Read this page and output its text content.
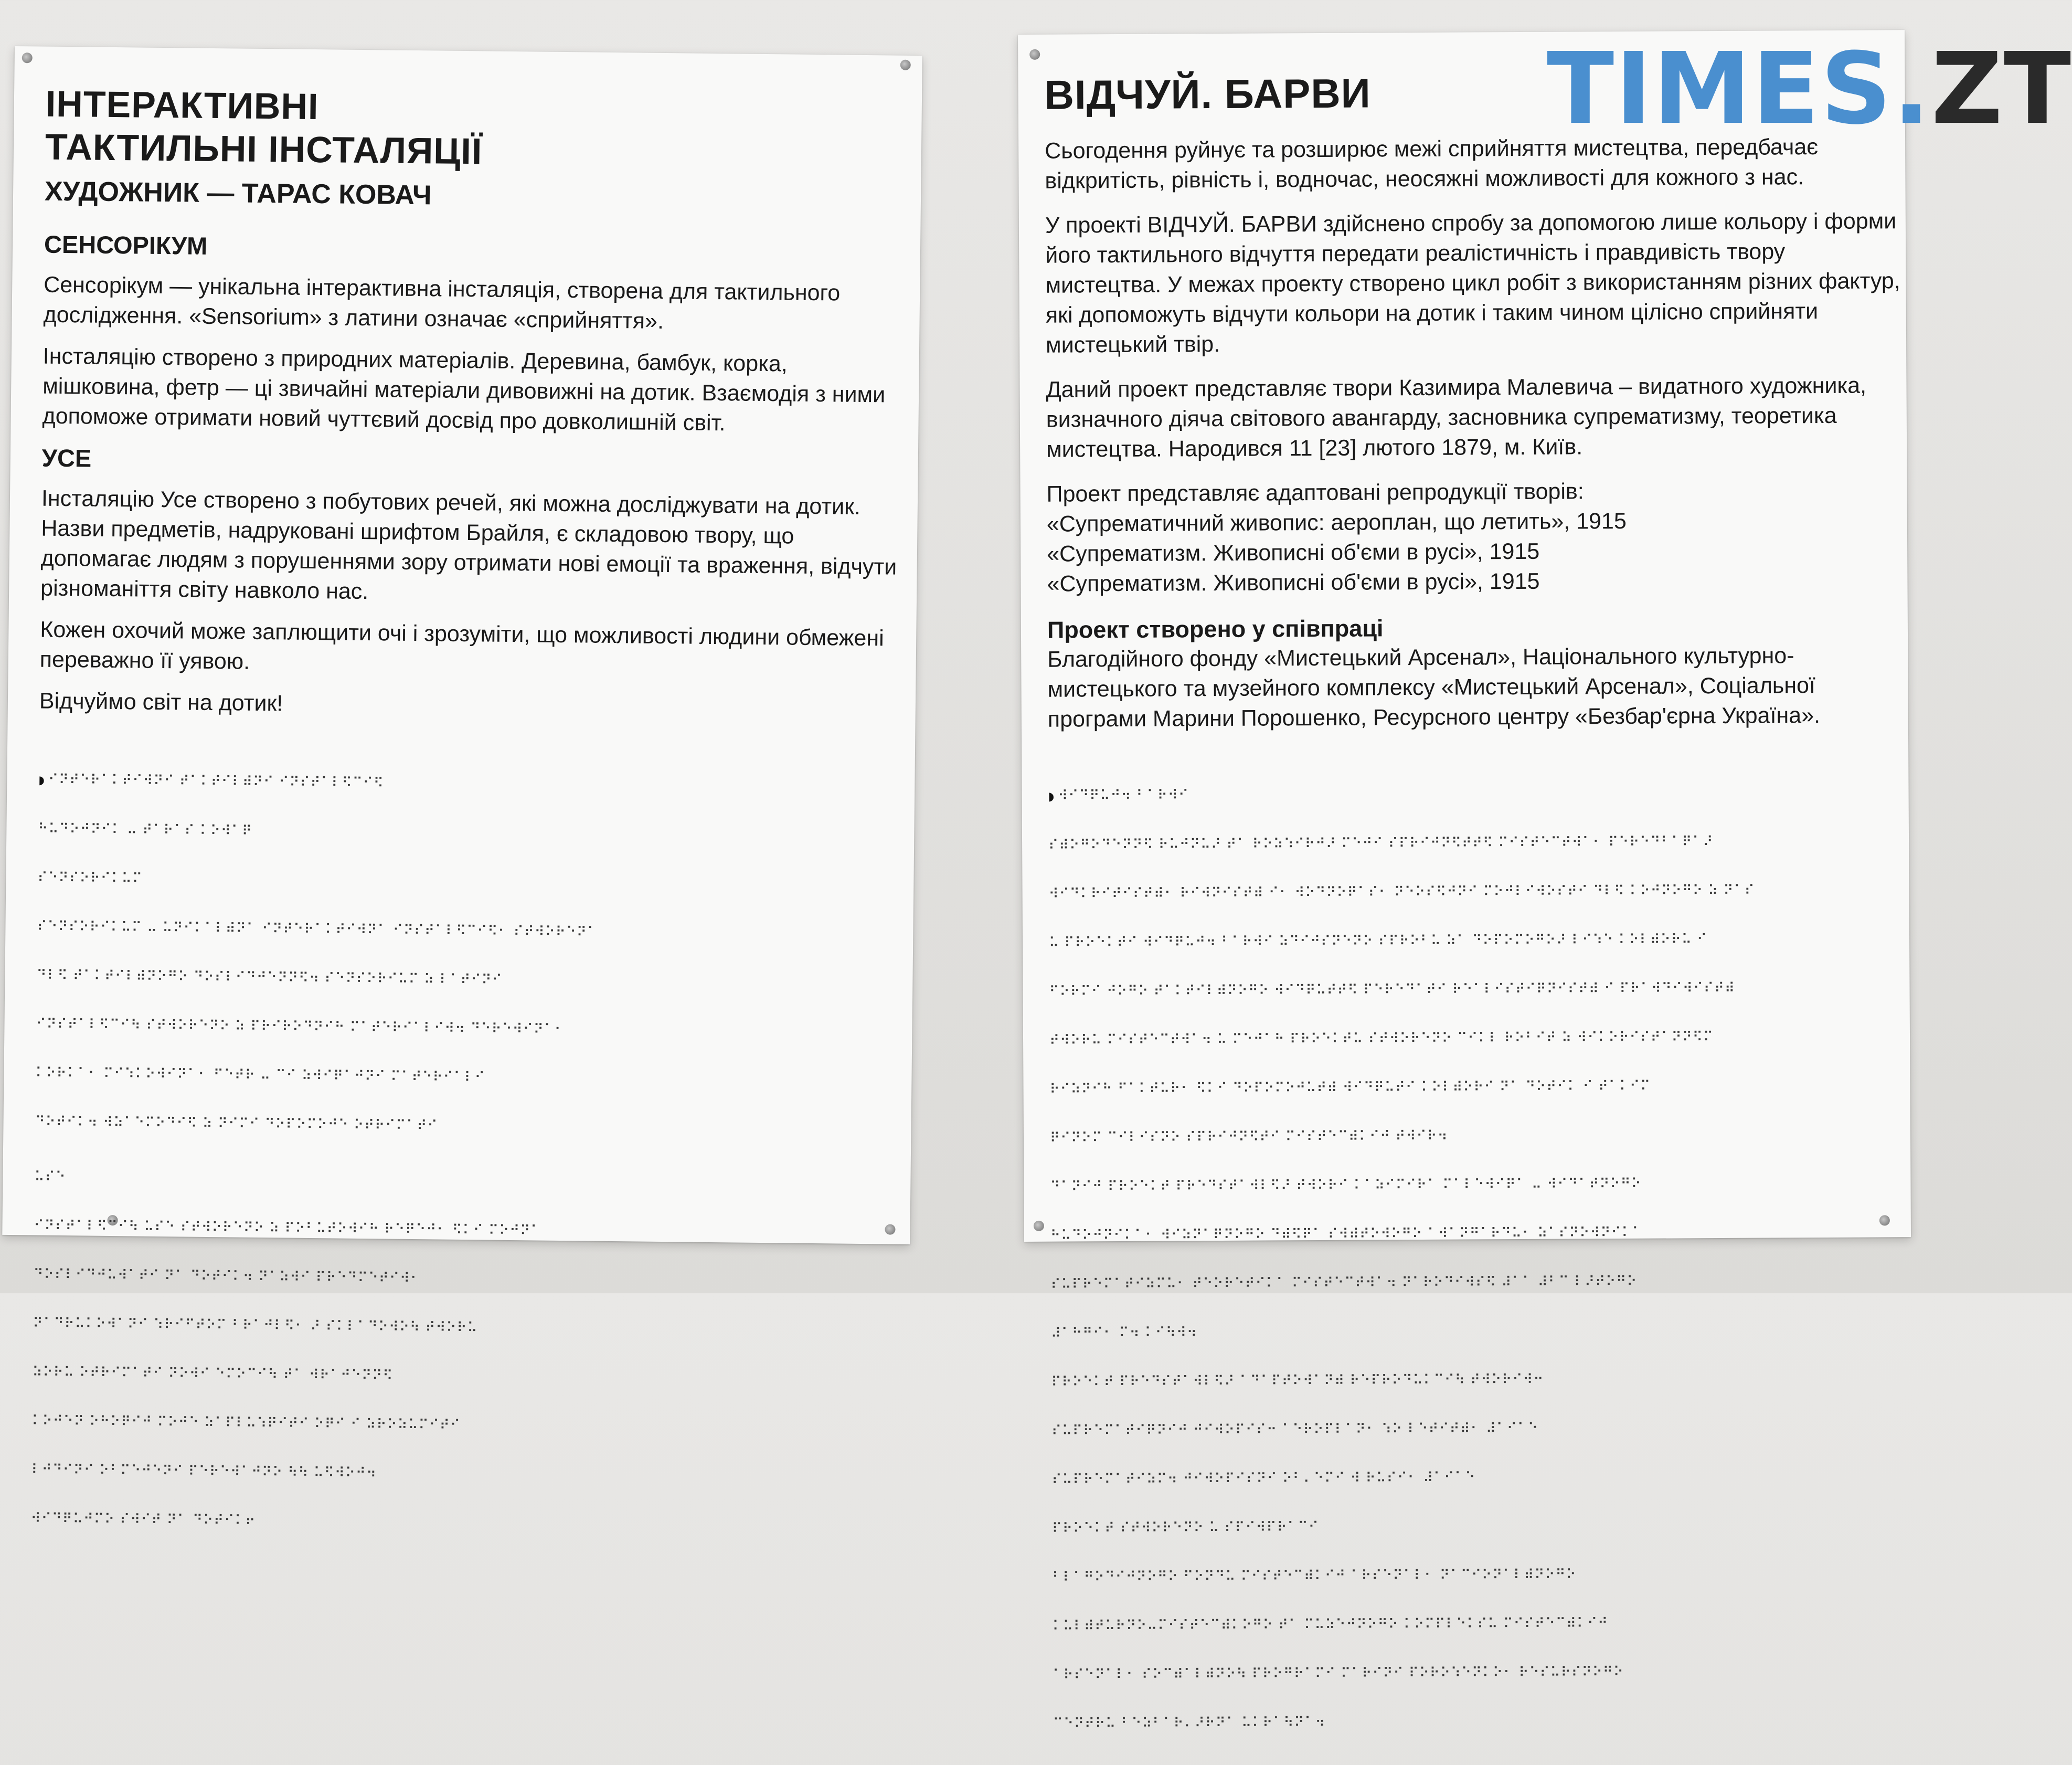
ІНТЕРАКТИВНІ
ТАКТИЛЬНІ ІНСТАЛЯЦІЇ
ХУДОЖНИК — ТАРАС КОВАЧ
СЕНСОРІКУМ

Сенсорікум — унікальна інтерактивна інсталяція, створена для тактильного дослідження. «Sensorium» з латини означає «сприйняття».

Інсталяцію створено з природних матеріалів. Деревина, бамбук, корка, мішковина, фетр — ці звичайні матеріали дивовижні на дотик. Взаємодія з ними допоможе отримати новий чуттєвий досвід про довколишній світ.

УСЕ

Інсталяцію Усе створено з побутових речей, які можна досліджувати на дотик. Назви предметів, надруковані шрифтом Брайля, є складовою твору, що допомагає людям з порушеннями зору отримати нові емоції та враження, відчути різноманіття світу навколо нас.

Кожен охочий може заплющити очі і зрозуміти, що можливості людини обмежені переважно її уявою.

Відчуймо світ на дотик!

◗ ⠊⠝⠞⠑⠗⠁⠅⠞⠊⠺⠝⠊ ⠞⠁⠅⠞⠊⠇⠾⠝⠊ ⠊⠝⠎⠞⠁⠇⠫⠉⠊⠫

⠓⠥⠙⠕⠚⠝⠊⠅ ⠤ ⠞⠁⠗⠁⠎ ⠅⠕⠺⠁⠟

⠎⠑⠝⠎⠕⠗⠊⠅⠥⠍

⠎⠑⠝⠎⠕⠗⠊⠅⠥⠍ ⠤ ⠥⠝⠊⠅⠁⠇⠾⠝⠁ ⠊⠝⠞⠑⠗⠁⠅⠞⠊⠺⠝⠁ ⠊⠝⠎⠞⠁⠇⠫⠉⠊⠫⠂ ⠎⠞⠺⠕⠗⠑⠝⠁

⠙⠇⠫ ⠞⠁⠅⠞⠊⠇⠾⠝⠕⠛⠕ ⠙⠕⠎⠇⠊⠙⠚⠑⠝⠝⠫⠲ ⠎⠑⠝⠎⠕⠗⠊⠥⠍ ⠵ ⠇⠁⠞⠊⠝⠊

⠊⠝⠎⠞⠁⠇⠫⠉⠊⠳ ⠎⠞⠺⠕⠗⠑⠝⠕ ⠵ ⠏⠗⠊⠗⠕⠙⠝⠊⠓ ⠍⠁⠞⠑⠗⠊⠁⠇⠊⠺⠲ ⠙⠑⠗⠑⠺⠊⠝⠁⠂

⠅⠕⠗⠅⠁⠂ ⠍⠊⠱⠅⠕⠺⠊⠝⠁⠂ ⠋⠑⠞⠗ ⠤ ⠉⠊ ⠵⠺⠊⠟⠁⠚⠝⠊ ⠍⠁⠞⠑⠗⠊⠁⠇⠊

⠙⠕⠞⠊⠅⠲ ⠺⠵⠁⠑⠍⠕⠙⠊⠫ ⠵ ⠝⠊⠍⠊ ⠙⠕⠏⠕⠍⠕⠚⠑ ⠕⠞⠗⠊⠍⠁⠞⠊

⠥⠎⠑

⠊⠝⠎⠞⠁⠇⠫⠉⠊⠳ ⠥⠎⠑ ⠎⠞⠺⠕⠗⠑⠝⠕ ⠵ ⠏⠕⠃⠥⠞⠕⠺⠊⠓ ⠗⠑⠟⠑⠚⠂ ⠫⠅⠊ ⠍⠕⠚⠝⠁

⠙⠕⠎⠇⠊⠙⠚⠥⠺⠁⠞⠊ ⠝⠁ ⠙⠕⠞⠊⠅⠲ ⠝⠁⠵⠺⠊ ⠏⠗⠑⠙⠍⠑⠞⠊⠺⠂

⠝⠁⠙⠗⠥⠅⠕⠺⠁⠝⠊ ⠱⠗⠊⠋⠞⠕⠍ ⠃⠗⠁⠚⠇⠫⠂ ⠜ ⠎⠅⠇⠁⠙⠕⠺⠕⠳ ⠞⠺⠕⠗⠥

⠵⠕⠗⠥ ⠕⠞⠗⠊⠍⠁⠞⠊ ⠝⠕⠺⠊ ⠑⠍⠕⠉⠊⠳ ⠞⠁ ⠺⠗⠁⠚⠑⠝⠝⠫

⠅⠕⠚⠑⠝ ⠕⠓⠕⠟⠊⠚ ⠍⠕⠚⠑ ⠵⠁⠏⠇⠥⠱⠟⠊⠞⠊ ⠕⠟⠊ ⠊ ⠵⠗⠕⠵⠥⠍⠊⠞⠊

⠇⠚⠙⠊⠝⠊ ⠕⠃⠍⠑⠚⠑⠝⠊ ⠏⠑⠗⠑⠺⠁⠚⠝⠕ ⠳⠳ ⠥⠫⠺⠕⠚⠲

⠺⠊⠙⠟⠥⠚⠍⠕ ⠎⠺⠊⠞ ⠝⠁ ⠙⠕⠞⠊⠅⠖

ВІДЧУЙ. БАРВИ

Сьогодення руйнує та розширює межі сприйняття мистецтва, передбачає відкритість, рівність і, водночас, неосяжні можливості для кожного з нас.

У проекті ВІДЧУЙ. БАРВИ здійснено спробу за допомогою лише кольору і форми його тактильного відчуття передати реалістичність і правдивість твору мистецтва. У межах проекту створено цикл робіт з використанням різних фактур, які допоможуть відчути кольори на дотик і таким чином цілісно сприйняти мистецький твір.

Даний проект представляє твори Казимира Малевича – видатного художника, визначного діяча світового авангарду, засновника супрематизму, теоретика мистецтва. Народився 11 [23] лютого 1879, м. Київ.

Проект представляє адаптовані репродукції творів:
«Супрематичний живопис: аероплан, що летить», 1915
«Супрематизм. Живописні об'єми в русі», 1915
«Супрематизм. Живописні об'єми в русі», 1915
Проект створено у співпраці

Благодійного фонду «Мистецький Арсенал», Національного культурно-мистецького та музейного комплексу «Мистецький Арсенал», Соціальної програми Марини Порошенко, Ресурсного центру «Безбар'єрна Україна».

◗ ⠺⠊⠙⠟⠥⠚⠲ ⠃⠁⠗⠺⠊

⠎⠾⠕⠛⠕⠙⠑⠝⠝⠫ ⠗⠥⠚⠝⠥⠜ ⠞⠁ ⠗⠕⠵⠱⠊⠗⠚⠜ ⠍⠑⠚⠊ ⠎⠏⠗⠊⠚⠝⠫⠞⠞⠫ ⠍⠊⠎⠞⠑⠉⠞⠺⠁⠂ ⠏⠑⠗⠑⠙⠃⠁⠟⠁⠜

⠺⠊⠙⠅⠗⠊⠞⠊⠎⠞⠾⠂ ⠗⠊⠺⠝⠊⠎⠞⠾ ⠊⠂ ⠺⠕⠙⠝⠕⠟⠁⠎⠂ ⠝⠑⠕⠎⠫⠚⠝⠊ ⠍⠕⠚⠇⠊⠺⠕⠎⠞⠊ ⠙⠇⠫ ⠅⠕⠚⠝⠕⠛⠕ ⠵ ⠝⠁⠎

⠥ ⠏⠗⠕⠑⠅⠞⠊ ⠺⠊⠙⠟⠥⠚⠲ ⠃⠁⠗⠺⠊ ⠵⠙⠊⠚⠎⠝⠑⠝⠕ ⠎⠏⠗⠕⠃⠥ ⠵⠁ ⠙⠕⠏⠕⠍⠕⠛⠕⠜ ⠇⠊⠱⠑ ⠅⠕⠇⠾⠕⠗⠥ ⠊

⠋⠕⠗⠍⠊ ⠚⠕⠛⠕ ⠞⠁⠅⠞⠊⠇⠾⠝⠕⠛⠕ ⠺⠊⠙⠟⠥⠞⠞⠫ ⠏⠑⠗⠑⠙⠁⠞⠊ ⠗⠑⠁⠇⠊⠎⠞⠊⠟⠝⠊⠎⠞⠾ ⠊ ⠏⠗⠁⠺⠙⠊⠺⠊⠎⠞⠾

⠞⠺⠕⠗⠥ ⠍⠊⠎⠞⠑⠉⠞⠺⠁⠲ ⠥ ⠍⠑⠚⠁⠓ ⠏⠗⠕⠑⠅⠞⠥ ⠎⠞⠺⠕⠗⠑⠝⠕ ⠉⠊⠅⠇ ⠗⠕⠃⠊⠞ ⠵ ⠺⠊⠅⠕⠗⠊⠎⠞⠁⠝⠝⠫⠍

⠗⠊⠵⠝⠊⠓ ⠋⠁⠅⠞⠥⠗⠂ ⠫⠅⠊ ⠙⠕⠏⠕⠍⠕⠚⠥⠞⠾ ⠺⠊⠙⠟⠥⠞⠊ ⠅⠕⠇⠾⠕⠗⠊ ⠝⠁ ⠙⠕⠞⠊⠅ ⠊ ⠞⠁⠅⠊⠍

⠟⠊⠝⠕⠍ ⠉⠊⠇⠊⠎⠝⠕ ⠎⠏⠗⠊⠚⠝⠫⠞⠊ ⠍⠊⠎⠞⠑⠉⠾⠅⠊⠚ ⠞⠺⠊⠗⠲

⠙⠁⠝⠊⠚ ⠏⠗⠕⠑⠅⠞ ⠏⠗⠑⠙⠎⠞⠁⠺⠇⠫⠜ ⠞⠺⠕⠗⠊ ⠅⠁⠵⠊⠍⠊⠗⠁ ⠍⠁⠇⠑⠺⠊⠟⠁ ⠤ ⠺⠊⠙⠁⠞⠝⠕⠛⠕

⠓⠥⠙⠕⠚⠝⠊⠅⠁⠂ ⠺⠊⠵⠝⠁⠟⠝⠕⠛⠕ ⠙⠾⠫⠟⠁ ⠎⠺⠾⠞⠕⠺⠕⠛⠕ ⠁⠺⠁⠝⠛⠁⠗⠙⠥⠂ ⠵⠁⠎⠝⠕⠺⠝⠊⠅⠁

⠎⠥⠏⠗⠑⠍⠁⠞⠊⠵⠍⠥⠂ ⠞⠑⠕⠗⠑⠞⠊⠅⠁ ⠍⠊⠎⠞⠑⠉⠞⠺⠁⠲ ⠝⠁⠗⠕⠙⠊⠺⠎⠫ ⠼⠁⠁ ⠼⠃⠉ ⠇⠜⠞⠕⠛⠕

⠼⠁⠓⠛⠊⠂ ⠍⠲ ⠅⠊⠳⠺⠲

⠏⠗⠕⠑⠅⠞ ⠏⠗⠑⠙⠎⠞⠁⠺⠇⠫⠜ ⠁⠙⠁⠏⠞⠕⠺⠁⠝⠾ ⠗⠑⠏⠗⠕⠙⠥⠅⠉⠊⠳ ⠞⠺⠕⠗⠊⠺⠒

⠎⠥⠏⠗⠑⠍⠁⠞⠊⠟⠝⠊⠚ ⠚⠊⠺⠕⠏⠊⠎⠒ ⠁⠑⠗⠕⠏⠇⠁⠝⠂ ⠱⠕ ⠇⠑⠞⠊⠞⠾⠂ ⠼⠁⠊⠁⠑

⠎⠥⠏⠗⠑⠍⠁⠞⠊⠵⠍⠲ ⠚⠊⠺⠕⠏⠊⠎⠝⠊ ⠕⠃⠄⠑⠍⠊ ⠺ ⠗⠥⠎⠊⠂ ⠼⠁⠊⠁⠑

⠏⠗⠕⠑⠅⠞ ⠎⠞⠺⠕⠗⠑⠝⠕ ⠥ ⠎⠏⠊⠺⠏⠗⠁⠉⠊

⠃⠇⠁⠛⠕⠙⠊⠚⠝⠕⠛⠕ ⠋⠕⠝⠙⠥ ⠍⠊⠎⠞⠑⠉⠾⠅⠊⠚ ⠁⠗⠎⠑⠝⠁⠇⠂ ⠝⠁⠉⠊⠕⠝⠁⠇⠾⠝⠕⠛⠕

⠅⠥⠇⠾⠞⠥⠗⠝⠕⠤⠍⠊⠎⠞⠑⠉⠾⠅⠕⠛⠕ ⠞⠁ ⠍⠥⠵⠑⠚⠝⠕⠛⠕ ⠅⠕⠍⠏⠇⠑⠅⠎⠥ ⠍⠊⠎⠞⠑⠉⠾⠅⠊⠚

⠁⠗⠎⠑⠝⠁⠇⠂ ⠎⠕⠉⠾⠁⠇⠾⠝⠕⠳ ⠏⠗⠕⠛⠗⠁⠍⠊ ⠍⠁⠗⠊⠝⠊ ⠏⠕⠗⠕⠱⠑⠝⠅⠕⠂ ⠗⠑⠎⠥⠗⠎⠝⠕⠛⠕

⠉⠑⠝⠞⠗⠥ ⠃⠑⠵⠃⠁⠗⠄⠜⠗⠝⠁ ⠥⠅⠗⠁⠳⠝⠁⠲

TIMES.ZT
